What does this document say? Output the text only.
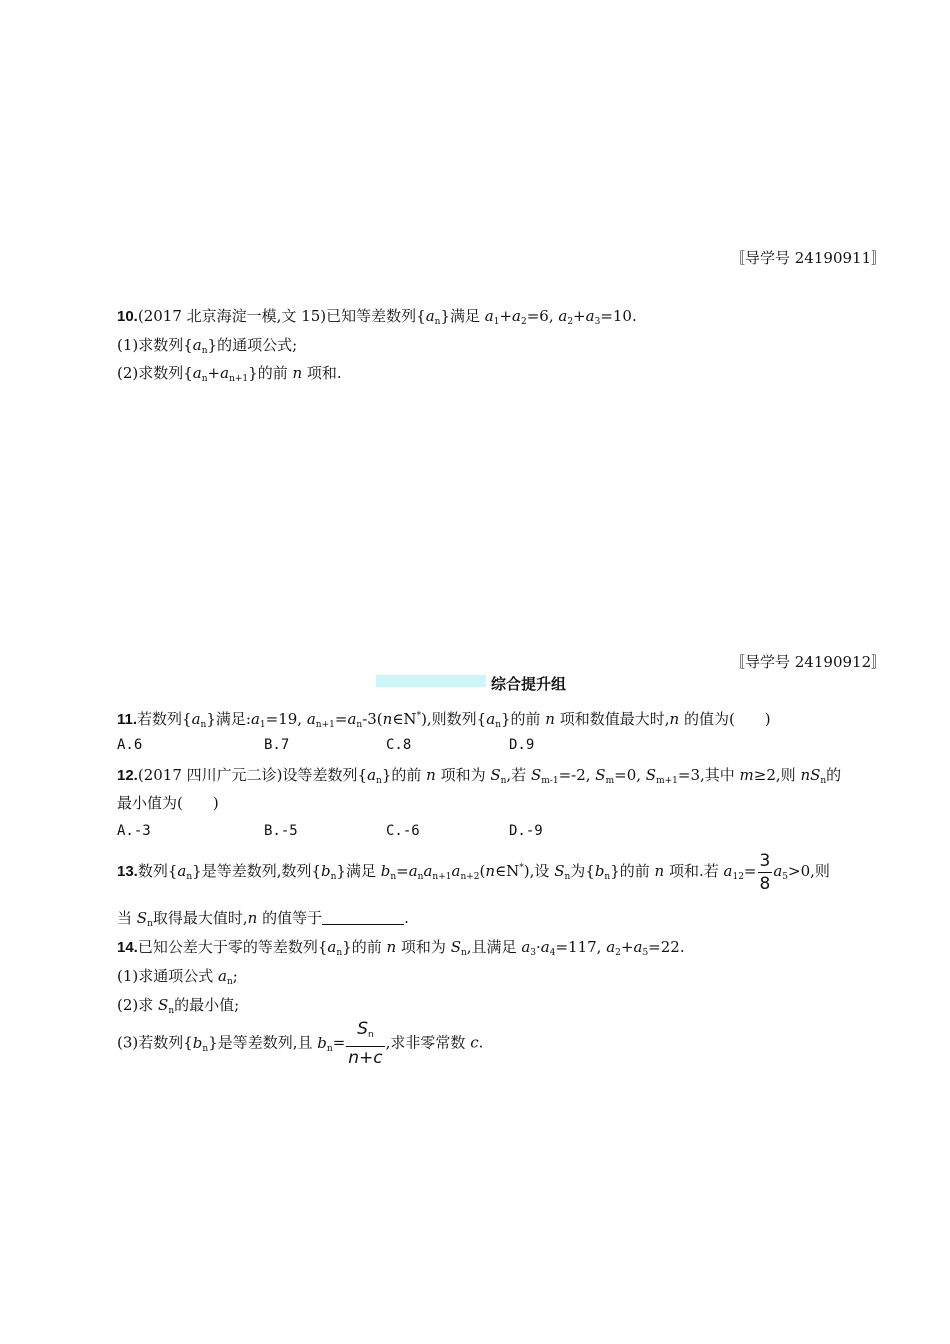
〚导学号 24190911〛
10.(2017 北京海淀一模,文 15)已知等差数列$\{a_n\}$满足 $a_1+a_2=6$, $a_2+a_3=10$.
(1)求数列$\{a_n\}$的通项公式;
(2)求数列$\{a_n+a_{n+1}\}$的前 n 项和.
〚导学号 24190912〛
综合提升组
11.若数列$\{a_n\}$满足$:a_1=19$, $a_{n+1}=a_n-3(n\in N^*)$,则数列$\{a_n\}$的前 n 项和数值最大时,n 的值为(　　)
A.6	B.7	C.8	D.9
12.(2017 四川广元二诊)设等差数列$\{a_n\}$的前 n 项和为 $S_n$,若 $S_{m-1}=-2$, $S_m=0$, $S_{m+1}=3$,其中 m≥2,则 $nS_n$的
最小值为(　　)
A.-3	B.-5	C.-6	D.-9
13.数列$\{a_n\}$是等差数列,数列$\{b_n\}$满足 $b_n=a_na_{n+1}a_{n+2}(n\in N^*)$,设 $S_n$为$\{b_n\}$的前 n 项和.若 $a_{12}= \frac{3}{8} a_5>0$,则
当 $S_n$取得最大值时,n 的值等于	.
14.已知公差大于零的等差数列$\{a_n\}$的前 n 项和为 $S_n$,且满足 $a_3\cdot a_4=117$, $a_2+a_5=22$.
(1)求通项公式 $a_n$;
(2)求 $S_n$的最小值;
(3)若数列$\{b_n\}$是等差数列,且 $b_n= \frac{S_n}{n+c}$ ,求非零常数 c.
